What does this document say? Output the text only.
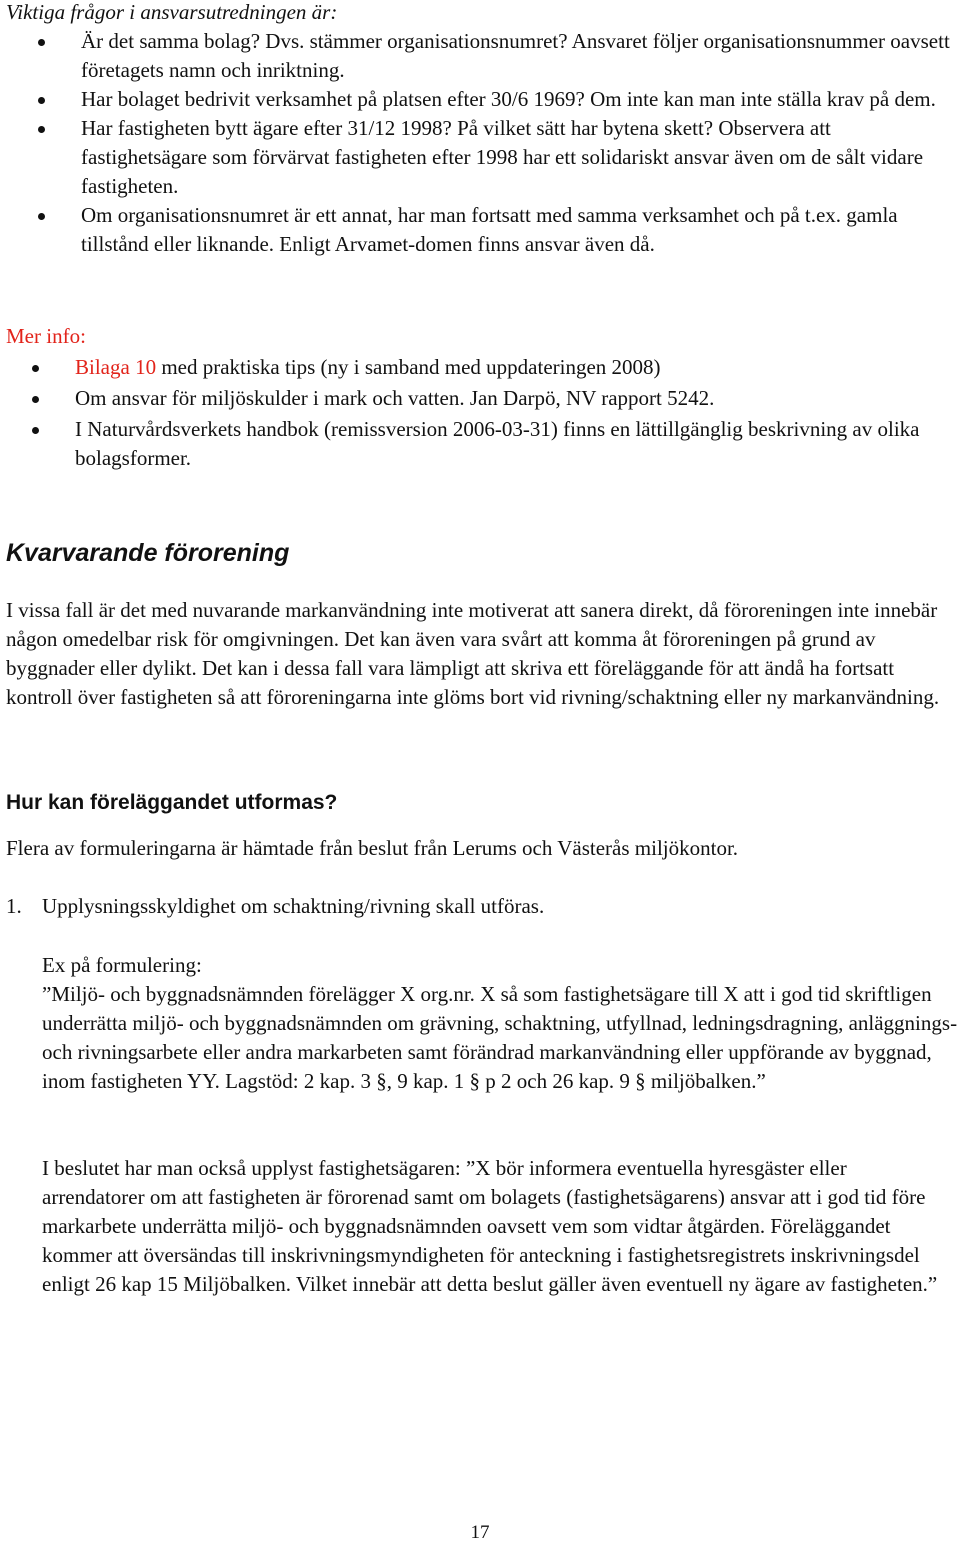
Viktiga frågor i ansvarsutredningen är:
Är det samma bolag? Dvs. stämmer organisationsnumret? Ansvaret följer organisationsnummer oavsett företagets namn och inriktning.
Har bolaget bedrivit verksamhet på platsen efter 30/6 1969? Om inte kan man inte ställa krav på dem.
Har fastigheten bytt ägare efter 31/12 1998? På vilket sätt har bytena skett? Observera att fastighetsägare som förvärvat fastigheten efter 1998 har ett solidariskt ansvar även om de sålt vidare fastigheten.
Om organisationsnumret är ett annat, har man fortsatt med samma verksamhet och på t.ex. gamla tillstånd eller liknande. Enligt Arvamet-domen finns ansvar även då.
Mer info:
Bilaga 10 med praktiska tips (ny i samband med uppdateringen 2008)
Om ansvar för miljöskulder i mark och vatten. Jan Darpö, NV rapport 5242.
I Naturvårdsverkets handbok (remissversion 2006-03-31) finns en lättillgänglig beskrivning av olika bolagsformer.
Kvarvarande förorening
I vissa fall är det med nuvarande markanvändning inte motiverat att sanera direkt, då föroreningen inte innebär någon omedelbar risk för omgivningen. Det kan även vara svårt att komma åt föroreningen på grund av byggnader eller dylikt. Det kan i dessa fall vara lämpligt att skriva ett föreläggande för att ändå ha fortsatt kontroll över fastigheten så att föroreningarna inte glöms bort vid rivning/schaktning eller ny markanvändning.
Hur kan föreläggandet utformas?
Flera av formuleringarna är hämtade från beslut från Lerums och Västerås miljökontor.
1. Upplysningsskyldighet om schaktning/rivning skall utföras.
Ex på formulering:
”Miljö- och byggnadsnämnden förelägger X org.nr. X så som fastighetsägare till X att i god tid skriftligen underrätta miljö- och byggnadsnämnden om grävning, schaktning, utfyllnad, ledningsdragning, anläggnings- och rivningsarbete eller andra markarbeten samt förändrad markanvändning eller uppförande av byggnad, inom fastigheten YY. Lagstöd: 2 kap. 3 §, 9 kap. 1 § p 2 och 26 kap. 9 § miljöbalken.”
I beslutet har man också upplyst fastighetsägaren: ”X bör informera eventuella hyresgäster eller arrendatorer om att fastigheten är förorenad samt om bolagets (fastighetsägarens) ansvar att i god tid före markarbete underrätta miljö- och byggnadsnämnden oavsett vem som vidtar åtgärden. Föreläggandet kommer att översändas till inskrivningsmyndigheten för anteckning i fastighetsregistrets inskrivningsdel enligt 26 kap 15 Miljöbalken. Vilket innebär att detta beslut gäller även eventuell ny ägare av fastigheten.”
17
